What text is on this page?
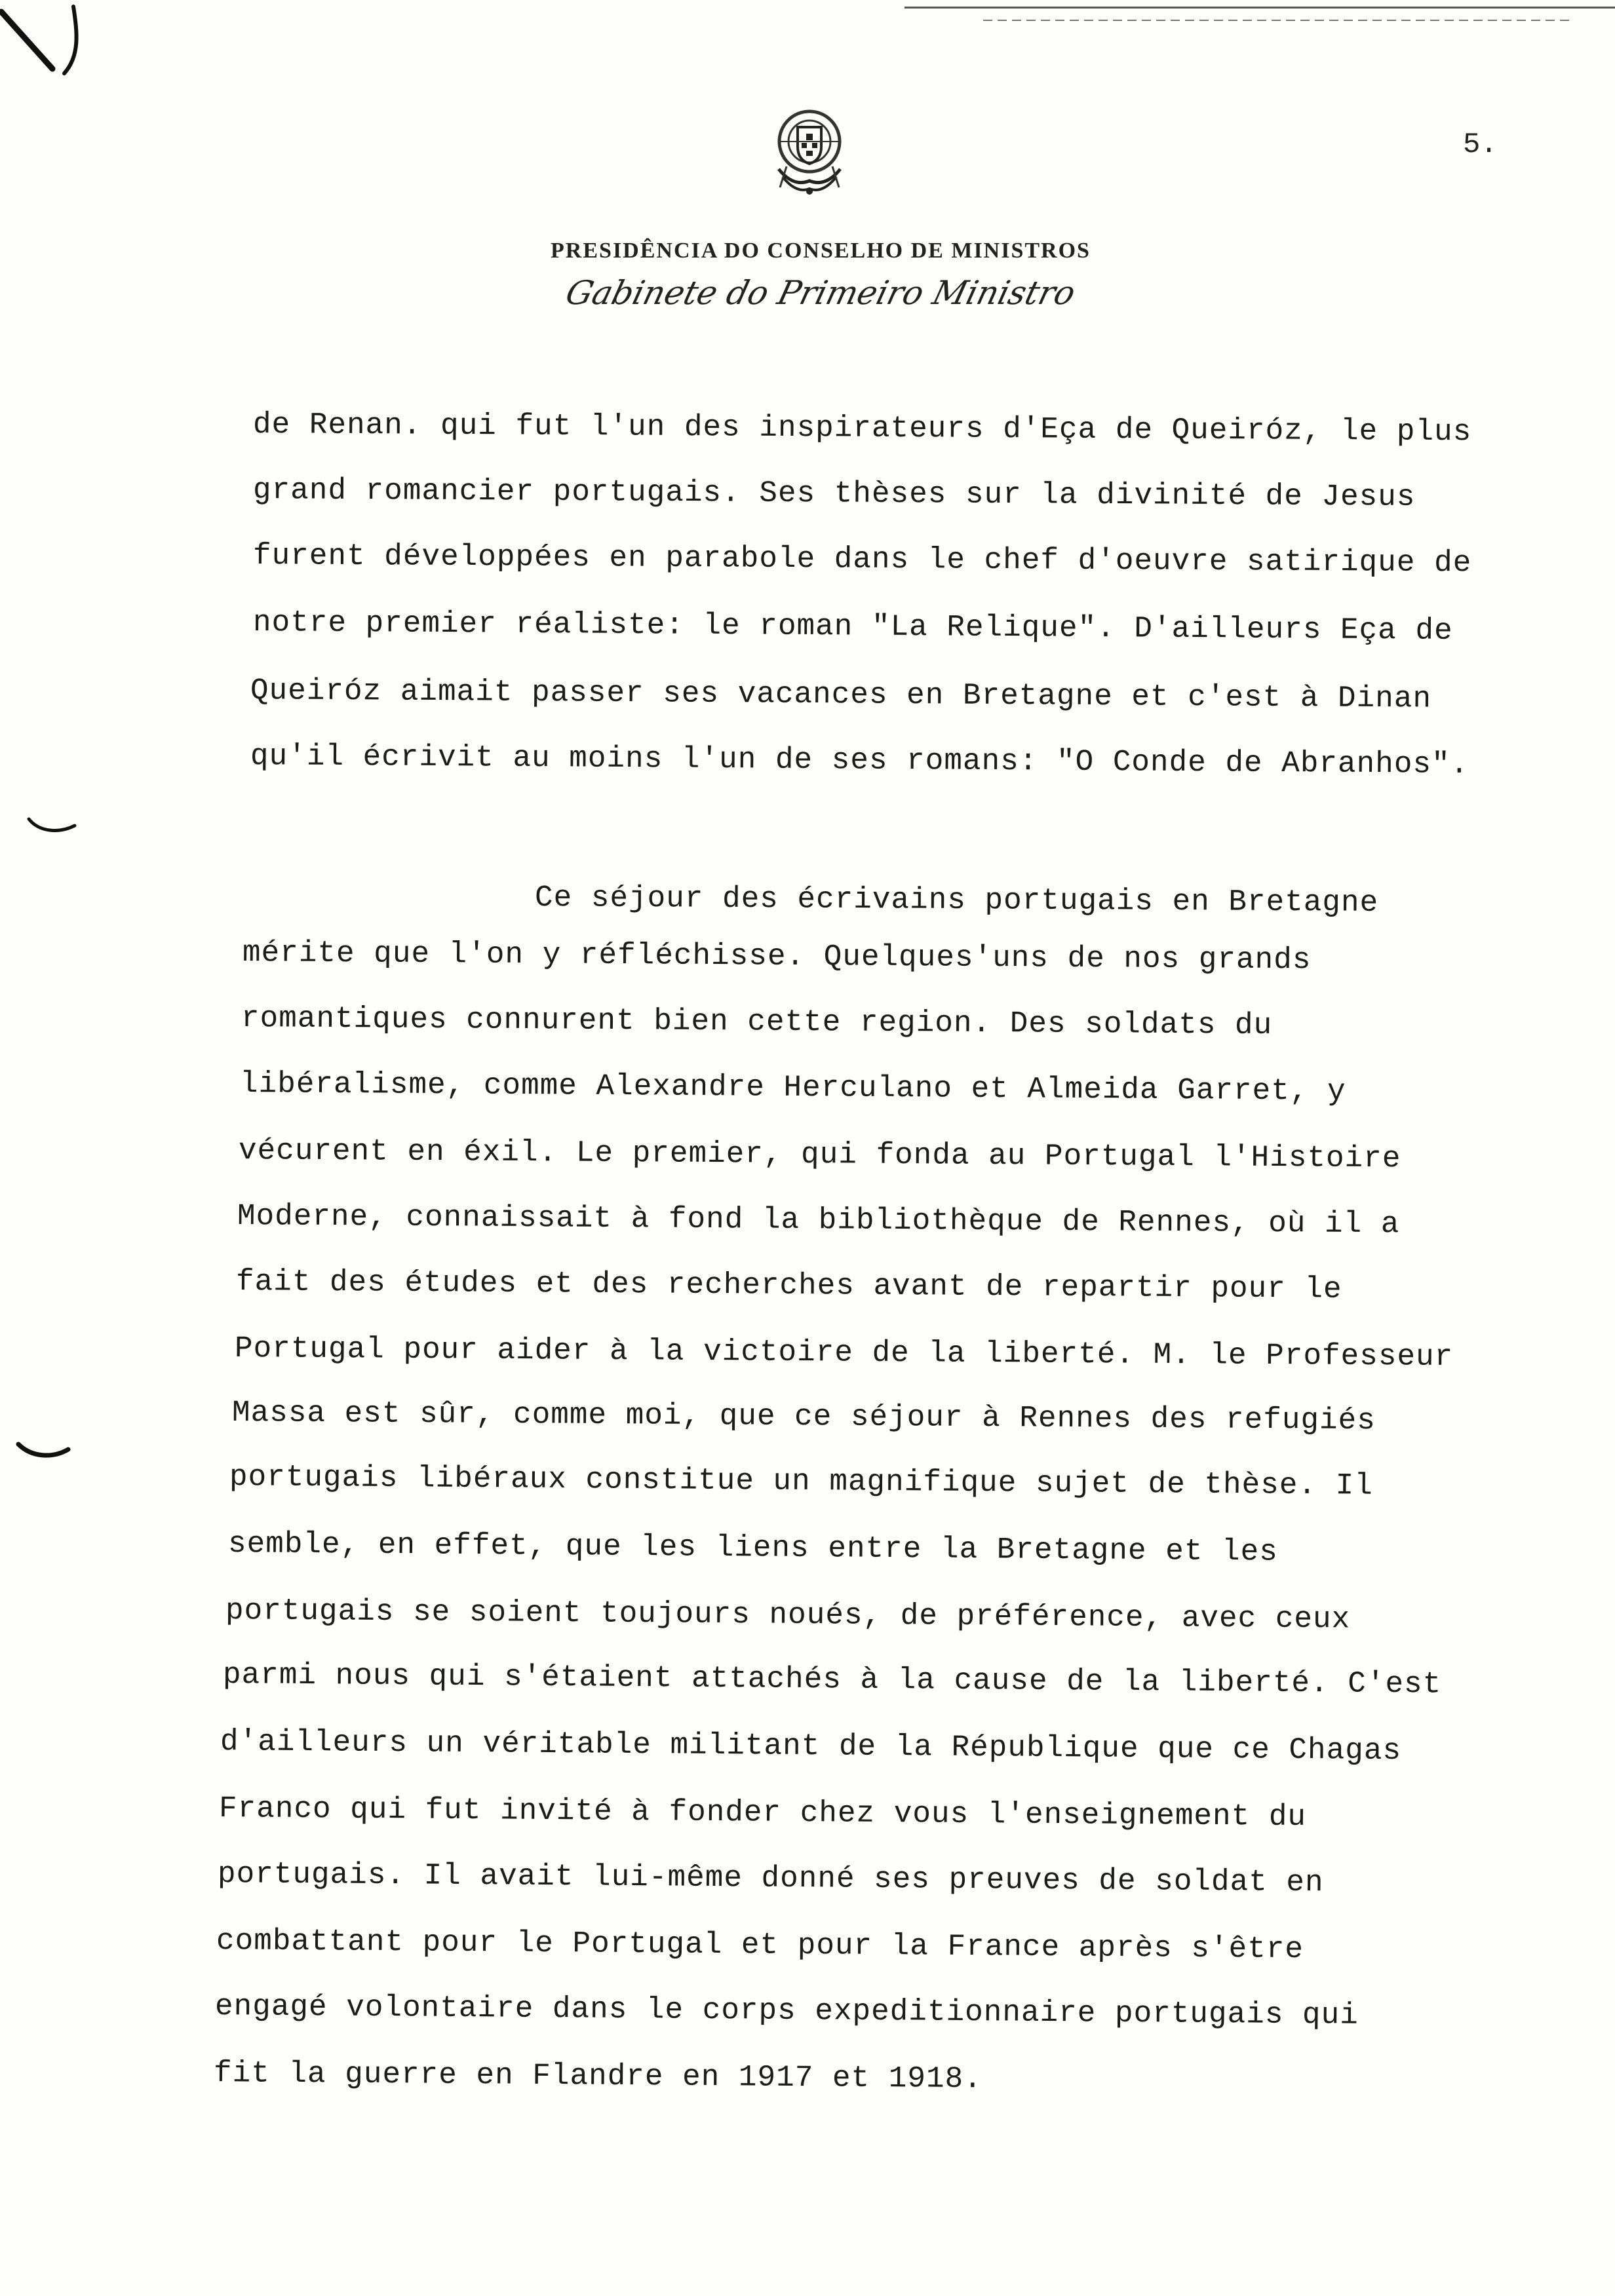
5.
PRESIDÊNCIA DO CONSELHO DE MINISTROS
Gabinete do Primeiro Ministro
de Renan. qui fut l'un des inspirateurs d'Eça de Queiróz, le plus
grand romancier portugais. Ses thèses sur la divinité de Jesus
furent développées en parabole dans le chef d'oeuvre satirique de
notre premier réaliste: le roman "La Relique". D'ailleurs Eça de
Queiróz aimait passer ses vacances en Bretagne et c'est à Dinan
qu'il écrivit au moins l'un de ses romans: "O Conde de Abranhos".
Ce séjour des écrivains portugais en Bretagne
mérite que l'on y réfléchisse. Quelques'uns de nos grands
romantiques connurent bien cette region. Des soldats du
libéralisme, comme Alexandre Herculano et Almeida Garret, y
vécurent en éxil. Le premier, qui fonda au Portugal l'Histoire
Moderne, connaissait à fond la bibliothèque de Rennes, où il a
fait des études et des recherches avant de repartir pour le
Portugal pour aider à la victoire de la liberté. M. le Professeur
Massa est sûr, comme moi, que ce séjour à Rennes des refugiés
portugais libéraux constitue un magnifique sujet de thèse. Il
semble, en effet, que les liens entre la Bretagne et les
portugais se soient toujours noués, de préférence, avec ceux
parmi nous qui s'étaient attachés à la cause de la liberté. C'est
d'ailleurs un véritable militant de la République que ce Chagas
Franco qui fut invité à fonder chez vous l'enseignement du
portugais. Il avait lui-même donné ses preuves de soldat en
combattant pour le Portugal et pour la France après s'être
engagé volontaire dans le corps expeditionnaire portugais qui
fit la guerre en Flandre en 1917 et 1918.
